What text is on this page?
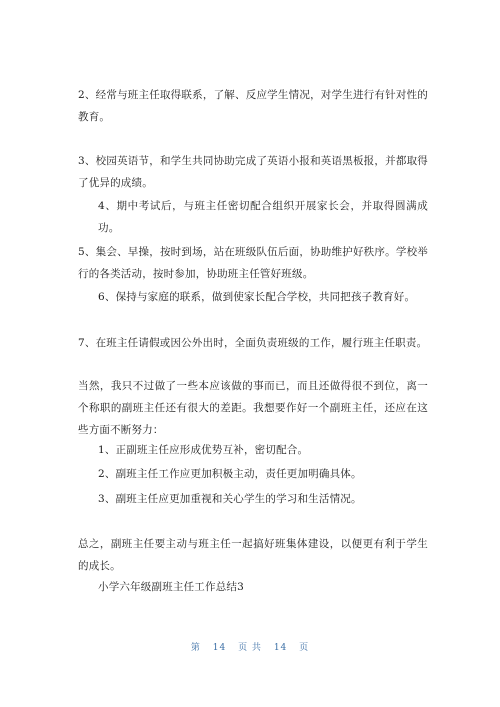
2、经常与班主任取得联系，了解、反应学生情况，对学生进行有针对性的教育。

3、校园英语节，和学生共同协助完成了英语小报和英语黑板报，并都取得了优异的成绩。

4、期中考试后，与班主任密切配合组织开展家长会，并取得圆满成功。

5、集会、早操，按时到场，站在班级队伍后面，协助维护好秩序。学校举行的各类活动，按时参加，协助班主任管好班级。

6、保持与家庭的联系，做到使家长配合学校，共同把孩子教育好。

7、在班主任请假或因公外出时，全面负责班级的工作，履行班主任职责。

当然，我只不过做了一些本应该做的事而已，而且还做得很不到位，离一个称职的副班主任还有很大的差距。我想要作好一个副班主任，还应在这些方面不断努力：

1、正副班主任应形成优势互补，密切配合。

2、副班主任工作应更加积极主动，责任更加明确具体。

3、副班主任应更加重视和关心学生的学习和生活情况。

总之，副班主任要主动与班主任一起搞好班集体建设，以便更有利于学生的成长。

小学六年级副班主任工作总结3

第 14 页 共 14 页
